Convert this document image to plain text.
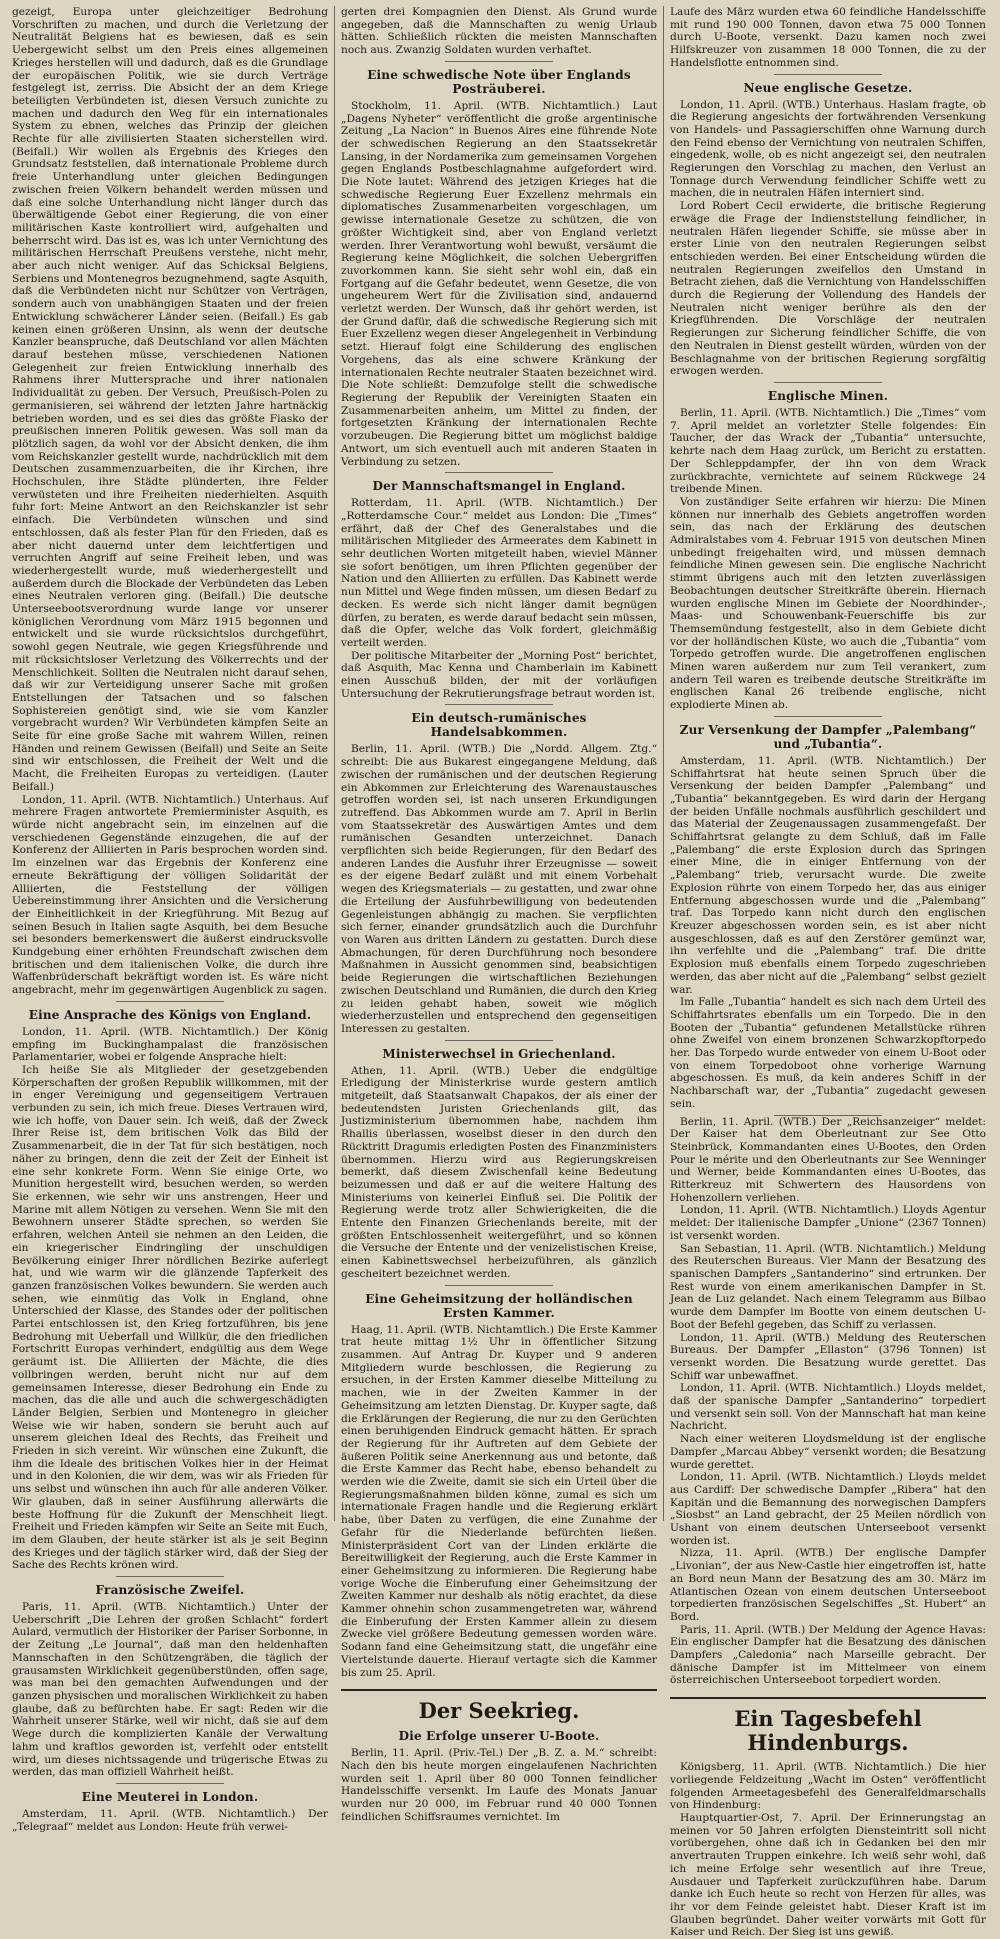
gezeigt, Europa unter gleichzeitiger Bedrohung Vorschriften zu machen, und durch die Verletzung der Neutralität Belgiens hat es bewiesen, daß es sein Uebergewicht selbst um den Preis eines allgemeinen Krieges herstellen will und dadurch, daß es die Grundlage der europäischen Politik, wie sie durch Verträge festgelegt ist, zerriss. Die Absicht der an dem Kriege beteiligten Verbündeten ist, diesen Versuch zunichte zu machen und dadurch den Weg für ein internationales System zu ebnen, welches das Prinzip der gleichen Rechte für alle zivilisierten Staaten sicherstellen wird. (Beifall.) Wir wollen als Ergebnis des Krieges den Grundsatz feststellen, daß internationale Probleme durch freie Unterhandlung unter gleichen Bedingungen zwischen freien Völkern behandelt werden müssen und daß eine solche Unterhandlung nicht länger durch das überwältigende Gebot einer Regierung, die von einer militärischen Kaste kontrolliert wird, aufgehalten und beherrscht wird. Das ist es, was ich unter Vernichtung des militärischen Herrschaft Preußens verstehe, nicht mehr, aber auch nicht weniger. Auf das Schicksal Belgiens, Serbiens und Montenegros bezugnehmend, sagte Asquith, daß die Verbündeten nicht nur Schützer von Verträgen, sondern auch von unabhängigen Staaten und der freien Entwicklung schwächerer Länder seien. (Beifall.) Es gab keinen einen größeren Unsinn, als wenn der deutsche Kanzler beanspruche, daß Deutschland vor allen Mächten darauf bestehen müsse, verschiedenen Nationen Gelegenheit zur freien Entwicklung innerhalb des Rahmens ihrer Muttersprache und ihrer nationalen Individualität zu geben. Der Versuch, Preußisch-Polen zu germanisieren, sei während der letzten Jahre hartnäckig betrieben worden, und es sei dies das größte Fiasko der preußischen inneren Politik gewesen. Was soll man da plötzlich sagen, da wohl vor der Absicht denken, die ihm vom Reichskanzler gestellt wurde, nachdrücklich mit dem Deutschen zusammenzuarbeiten, die ihr Kirchen, ihre Hochschulen, ihre Städte plünderten, ihre Felder verwüsteten und ihre Freiheiten niederhielten. Asquith fuhr fort: Meine Antwort an den Reichskanzler ist sehr einfach. Die Verbündeten wünschen und sind entschlossen, daß als fester Plan für den Frieden, daß es aber nicht dauernd unter dem leichtfertigen und verruchten Angriff auf seine Freiheit leben, und was wiederhergestellt wurde, muß wiederhergestellt und außerdem durch die Blockade der Verbündeten das Leben eines Neutralen verloren ging. (Beifall.) Die deutsche Unterseebootsverordnung wurde lange vor unserer königlichen Verordnung vom März 1915 begonnen und entwickelt und sie wurde rücksichtslos durchgeführt, sowohl gegen Neutrale, wie gegen Kriegsführende und mit rücksichtsloser Verletzung des Völkerrechts und der Menschlichkeit. Sollten die Neutralen nicht darauf sehen, daß wir zur Verteidigung unserer Sache mit großen Entstellungen der Tatsachen und so falschen Sophistereien genötigt sind, wie sie vom Kanzler vorgebracht wurden? Wir Verbündeten kämpfen Seite an Seite für eine große Sache mit wahrem Willen, reinen Händen und reinem Gewissen (Beifall) und Seite an Seite sind wir entschlossen, die Freiheit der Welt und die Macht, die Freiheiten Europas zu verteidigen. (Lauter Beifall.)

London, 11. April. (WTB. Nichtamtlich.) Unterhaus. Auf mehrere Fragen antwortete Premierminister Asquith, es würde nicht angebracht sein, im einzelnen auf die verschiedenen Gegenstände einzugehen, die auf der Konferenz der Alliierten in Paris besprochen worden sind. Im einzelnen war das Ergebnis der Konferenz eine erneute Bekräftigung der völligen Solidarität der Alliierten, die Feststellung der völligen Uebereinstimmung ihrer Ansichten und die Versicherung der Einheitlichkeit in der Kriegführung. Mit Bezug auf seinen Besuch in Italien sagte Asquith, bei dem Besuche sei besonders bemerkenswert die äußerst eindrucksvolle Kundgebung einer erhöhten Freundschaft zwischen dem britischen und dem italienischen Volke, die durch ihre Waffenbrüderschaft bekräftigt worden ist. Es wäre nicht angebracht, mehr im gegenwärtigen Augenblick zu sagen.

Eine Ansprache des Königs von England.

London, 11. April. (WTB. Nichtamtlich.) Der König empfing im Buckinghampalast die französischen Parlamentarier, wobei er folgende Ansprache hielt:

Ich heiße Sie als Mitglieder der gesetzgebenden Körperschaften der großen Republik willkommen, mit der in enger Vereinigung und gegenseitigem Vertrauen verbunden zu sein, ich mich freue. Dieses Vertrauen wird, wie ich hoffe, von Dauer sein. Ich weiß, daß der Zweck Ihrer Reise ist, dem britischen Volk das Bild der Zusammenarbeit, die in der Tat für sich bestätigen, noch näher zu bringen, denn die zeit der Zeit der Einheit ist eine sehr konkrete Form. Wenn Sie einige Orte, wo Munition hergestellt wird, besuchen werden, so werden Sie erkennen, wie sehr wir uns anstrengen, Heer und Marine mit allem Nötigen zu versehen. Wenn Sie mit den Bewohnern unserer Städte sprechen, so werden Sie erfahren, welchen Anteil sie nehmen an den Leiden, die ein kriegerischer Eindringling der unschuldigen Bevölkerung einiger Ihrer nördlichen Bezirke auferlegt hat, und wie warm wir die glänzende Tapferkeit des ganzen französischen Volkes bewundern. Sie werden auch sehen, wie einmütig das Volk in England, ohne Unterschied der Klasse, des Standes oder der politischen Partei entschlossen ist, den Krieg fortzuführen, bis jene Bedrohung mit Ueberfall und Willkür, die den friedlichen Fortschritt Europas verhindert, endgültig aus dem Wege geräumt ist. Die Alliierten der Mächte, die dies vollbringen werden, beruht nicht nur auf dem gemeinsamen Interesse, dieser Bedrohung ein Ende zu machen, das die alle und auch die schwergeschädigten Länder Belgien, Serbien und Montenegro in gleicher Weise wie wir haben, sondern sie beruht auch auf unserem gleichen Ideal des Rechts, das Freiheit und Frieden in sich vereint. Wir wünschen eine Zukunft, die ihm die Ideale des britischen Volkes hier in der Heimat und in den Kolonien, die wir dem, was wir als Frieden für uns selbst und wünschen ihn auch für alle anderen Völker. Wir glauben, daß in seiner Ausführung allerwärts die beste Hoffnung für die Zukunft der Menschheit liegt. Freiheit und Frieden kämpfen wir Seite an Seite mit Euch, im dem Glauben, der heute stärker ist als je seit Beginn des Krieges und der täglich stärker wird, daß der Sieg der Sache des Rechts krönen wird.

Französische Zweifel.

Paris, 11. April. (WTB. Nichtamtlich.) Unter der Ueberschrift „Die Lehren der großen Schlacht“ fordert Aulard, vermutlich der Historiker der Pariser Sorbonne, in der Zeitung „Le Journal“, daß man den heldenhaften Mannschaften in den Schützengräben, die täglich der grausamsten Wirklichkeit gegenüberstünden, offen sage, was man bei den gemachten Aufwendungen und der ganzen physischen und moralischen Wirklichkeit zu haben glaube, daß zu befürchten habe. Er sagt: Reden wir die Wahrheit unserer Stärke, weil wir nicht, daß sie auf dem Wege durch die komplizierten Kanäle der Verwaltung lahm und kraftlos geworden ist, verfehlt oder entstellt wird, um dieses nichtssagende und trügerische Etwas zu werden, das man offiziell Wahrheit heißt.

Eine Meuterei in London.

Amsterdam, 11. April. (WTB. Nichtamtlich.) Der „Telegraaf“ meldet aus London: Heute früh verwei-

gerten drei Kompagnien den Dienst. Als Grund wurde angegeben, daß die Mannschaften zu wenig Urlaub hätten. Schließlich rückten die meisten Mannschaften noch aus. Zwanzig Soldaten wurden verhaftet.

Eine schwedische Note über Englands Posträuberei.

Stockholm, 11. April. (WTB. Nichtamtlich.) Laut „Dagens Nyheter“ veröffentlicht die große argentinische Zeitung „La Nacion“ in Buenos Aires eine führende Note der schwedischen Regierung an den Staatssekretär Lansing, in der Nordamerika zum gemeinsamen Vorgehen gegen Englands Postbeschlagnahme aufgefordert wird. Die Note lautet: Während des jetzigen Krieges hat die schwedische Regierung Euer Exzellenz mehrmals ein diplomatisches Zusammenarbeiten vorgeschlagen, um gewisse internationale Gesetze zu schützen, die von größter Wichtigkeit sind, aber von England verletzt werden. Ihrer Verantwortung wohl bewußt, versäumt die Regierung keine Möglichkeit, die solchen Uebergriffen zuvorkommen kann. Sie sieht sehr wohl ein, daß ein Fortgang auf die Gefahr bedeutet, wenn Gesetze, die von ungeheurem Wert für die Zivilisation sind, andauernd verletzt werden. Der Wunsch, daß ihr gehört werden, ist der Grund dafür, daß die schwedische Regierung sich mit Euer Exzellenz wegen dieser Angelegenheit in Verbindung setzt. Hierauf folgt eine Schilderung des englischen Vorgehens, das als eine schwere Kränkung der internationalen Rechte neutraler Staaten bezeichnet wird. Die Note schließt: Demzufolge stellt die schwedische Regierung der Republik der Vereinigten Staaten ein Zusammenarbeiten anheim, um Mittel zu finden, der fortgesetzten Kränkung der internationalen Rechte vorzubeugen. Die Regierung bittet um möglichst baldige Antwort, um sich eventuell auch mit anderen Staaten in Verbindung zu setzen.

Der Mannschaftsmangel in England.

Rotterdam, 11. April. (WTB. Nichtamtlich.) Der „Rotterdamsche Cour.“ meldet aus London: Die „Times“ erfährt, daß der Chef des Generalstabes und die militärischen Mitglieder des Armeerates dem Kabinett in sehr deutlichen Worten mitgeteilt haben, wieviel Männer sie sofort benötigen, um ihren Pflichten gegenüber der Nation und den Alliierten zu erfüllen. Das Kabinett werde nun Mittel und Wege finden müssen, um diesen Bedarf zu decken. Es werde sich nicht länger damit begnügen dürfen, zu beraten, es werde darauf bedacht sein müssen, daß die Opfer, welche das Volk fordert, gleichmäßig verteilt werden.

Der politische Mitarbeiter der „Morning Post“ berichtet, daß Asquith, Mac Kenna und Chamberlain im Kabinett einen Ausschuß bilden, der mit der vorläufigen Untersuchung der Rekrutierungsfrage betraut worden ist.

Ein deutsch-rumänisches Handelsabkommen.

Berlin, 11. April. (WTB.) Die „Nordd. Allgem. Ztg.“ schreibt: Die aus Bukarest eingegangene Meldung, daß zwischen der rumänischen und der deutschen Regierung ein Abkommen zur Erleichterung des Warenaustausches getroffen worden sei, ist nach unseren Erkundigungen zutreffend. Das Abkommen wurde am 7. April in Berlin vom Staatssekretär des Auswärtigen Amtes und dem rumänischen Gesandten unterzeichnet. Danach verpflichten sich beide Regierungen, für den Bedarf des anderen Landes die Ausfuhr ihrer Erzeugnisse — soweit es der eigene Bedarf zuläßt und mit einem Vorbehalt wegen des Kriegsmaterials — zu gestatten, und zwar ohne die Erteilung der Ausfuhrbewilligung von bedeutenden Gegenleistungen abhängig zu machen. Sie verpflichten sich ferner, einander grundsätzlich auch die Durchfuhr von Waren aus dritten Ländern zu gestatten. Durch diese Abmachungen, für deren Durchführung noch besondere Maßnahmen in Aussicht genommen sind, beabsichtigen beide Regierungen die wirtschaftlichen Beziehungen zwischen Deutschland und Rumänien, die durch den Krieg zu leiden gehabt haben, soweit wie möglich wiederherzustellen und entsprechend den gegenseitigen Interessen zu gestalten.

Ministerwechsel in Griechenland.

Athen, 11. April. (WTB.) Ueber die endgültige Erledigung der Ministerkrise wurde gestern amtlich mitgeteilt, daß Staatsanwalt Chapakos, der als einer der bedeutendsten Juristen Griechenlands gilt, das Justizministerium übernommen habe, nachdem ihm Rhallis überlassen, woselbst dieser in den durch den Rücktritt Dragumis erledigten Posten des Finanzministers übernommen. Hierzu wird aus Regierungskreisen bemerkt, daß diesem Zwischenfall keine Bedeutung beizumessen und daß er auf die weitere Haltung des Ministeriums von keinerlei Einfluß sei. Die Politik der Regierung werde trotz aller Schwierigkeiten, die die Entente den Finanzen Griechenlands bereite, mit der größten Entschlossenheit weitergeführt, und so können die Versuche der Entente und der venizelistischen Kreise, einen Kabinettswechsel herbeizuführen, als gänzlich gescheitert bezeichnet werden.

Eine Geheimsitzung der holländischen Ersten Kammer.

Haag, 11. April. (WTB. Nichtamtlich.) Die Erste Kammer trat heute mittag 1½ Uhr in öffentlicher Sitzung zusammen. Auf Antrag Dr. Kuyper und 9 anderen Mitgliedern wurde beschlossen, die Regierung zu ersuchen, in der Ersten Kammer dieselbe Mitteilung zu machen, wie in der Zweiten Kammer in der Geheimsitzung am letzten Dienstag. Dr. Kuyper sagte, daß die Erklärungen der Regierung, die nur zu den Gerüchten einen beruhigenden Eindruck gemacht hätten. Er sprach der Regierung für ihr Auftreten auf dem Gebiete der äußeren Politik seine Anerkennung aus und betonte, daß die Erste Kammer das Recht habe, ebenso behandelt zu werden wie die Zweite, damit sie sich ein Urteil über die Regierungsmaßnahmen bilden könne, zumal es sich um internationale Fragen handle und die Regierung erklärt habe, über Daten zu verfügen, die eine Zunahme der Gefahr für die Niederlande befürchten ließen. Ministerpräsident Cort van der Linden erklärte die Bereitwilligkeit der Regierung, auch die Erste Kammer in einer Geheimsitzung zu informieren. Die Regierung habe vorige Woche die Einberufung einer Geheimsitzung der Zweiten Kammer nur deshalb als nötig erachtet, da diese Kammer ohnehin schon zusammengetreten war, während die Einberufung der Ersten Kammer allein zu diesem Zwecke viel größere Bedeutung gemessen worden wäre. Sodann fand eine Geheimsitzung statt, die ungefähr eine Viertelstunde dauerte. Hierauf vertagte sich die Kammer bis zum 25. April.

Der Seekrieg.
Die Erfolge unserer U-Boote.

Berlin, 11. April. (Priv.-Tel.) Der „B. Z. a. M.“ schreibt: Nach den bis heute morgen eingelaufenen Nachrichten wurden seit 1. April über 80 000 Tonnen feindlicher Handelsschiffe versenkt. Im Laufe des Monats Januar wurden nur 20 000, im Februar rund 40 000 Tonnen feindlichen Schiffsraumes vernichtet. Im

Laufe des März wurden etwa 60 feindliche Handelsschiffe mit rund 190 000 Tonnen, davon etwa 75 000 Tonnen durch U-Boote, versenkt. Dazu kamen noch zwei Hilfskreuzer von zusammen 18 000 Tonnen, die zu der Handelsflotte entnommen sind.

Neue englische Gesetze.

London, 11. April. (WTB.) Unterhaus. Haslam fragte, ob die Regierung angesichts der fortwährenden Versenkung von Handels- und Passagierschiffen ohne Warnung durch den Feind ebenso der Vernichtung von neutralen Schiffen, eingedenk, wolle, ob es nicht angezeigt sei, den neutralen Regierungen den Vorschlag zu machen, den Verlust an Tonnage durch Verwendung feindlicher Schiffe wett zu machen, die in neutralen Häfen interniert sind.

Lord Robert Cecil erwiderte, die britische Regierung erwäge die Frage der Indienststellung feindlicher, in neutralen Häfen liegender Schiffe, sie müsse aber in erster Linie von den neutralen Regierungen selbst entschieden werden. Bei einer Entscheidung würden die neutralen Regierungen zweifellos den Umstand in Betracht ziehen, daß die Vernichtung von Handelsschiffen durch die Regierung der Vollendung des Handels der Neutralen nicht weniger berühre als den der Kriegführenden. Die Vorschläge der neutralen Regierungen zur Sicherung feindlicher Schiffe, die von den Neutralen in Dienst gestellt würden, würden von der Beschlagnahme von der britischen Regierung sorgfältig erwogen werden.

Englische Minen.

Berlin, 11. April. (WTB. Nichtamtlich.) Die „Times“ vom 7. April meldet an vorletzter Stelle folgendes: Ein Taucher, der das Wrack der „Tubantia“ untersuchte, kehrte nach dem Haag zurück, um Bericht zu erstatten. Der Schleppdampfer, der ihn von dem Wrack zurückbrachte, vernichtete auf seinem Rückwege 24 treibende Minen.

Von zuständiger Seite erfahren wir hierzu: Die Minen können nur innerhalb des Gebiets angetroffen worden sein, das nach der Erklärung des deutschen Admiralstabes vom 4. Februar 1915 von deutschen Minen unbedingt freigehalten wird, und müssen demnach feindliche Minen gewesen sein. Die englische Nachricht stimmt übrigens auch mit den letzten zuverlässigen Beobachtungen deutscher Streitkräfte überein. Hiernach wurden englische Minen im Gebiete der Noordhinder-, Maas- und Schouwenbank-Feuerschiffe bis zur Themsemündung festgestellt, also in dem Gebiete dicht vor der holländischen Küste, wo auch die „Tubantia“ vom Torpedo getroffen wurde. Die angetroffenen englischen Minen waren außerdem nur zum Teil verankert, zum andern Teil waren es treibende deutsche Streitkräfte im englischen Kanal 26 treibende englische, nicht explodierte Minen ab.

Zur Versenkung der Dampfer „Palembang“ und „Tubantia“.

Amsterdam, 11. April. (WTB. Nichtamtlich.) Der Schiffahrtsrat hat heute seinen Spruch über die Versenkung der beiden Dampfer „Palembang“ und „Tubantia“ bekanntgegeben. Es wird darin der Hergang der beiden Unfälle nochmals ausführlich geschildert und das Material der Zeugenaussagen zusammengefaßt. Der Schiffahrtsrat gelangte zu dem Schluß, daß im Falle „Palembang“ die erste Explosion durch das Springen einer Mine, die in einiger Entfernung von der „Palembang“ trieb, verursacht wurde. Die zweite Explosion rührte von einem Torpedo her, das aus einiger Entfernung abgeschossen wurde und die „Palembang“ traf. Das Torpedo kann nicht durch den englischen Kreuzer abgeschossen worden sein, es ist aber nicht ausgeschlossen, daß es auf den Zerstörer gemünzt war, ihn verfehlte und die „Palembang“ traf. Die dritte Explosion muß ebenfalls einem Torpedo zugeschrieben werden, das aber nicht auf die „Palembang“ selbst gezielt war.

Im Falle „Tubantia“ handelt es sich nach dem Urteil des Schiffahrtsrates ebenfalls um ein Torpedo. Die in den Booten der „Tubantia“ gefundenen Metallstücke rühren ohne Zweifel von einem bronzenen Schwarzkopftorpedo her. Das Torpedo wurde entweder von einem U-Boot oder von einem Torpedoboot ohne vorherige Warnung abgeschossen. Es muß, da kein anderes Schiff in der Nachbarschaft war, der „Tubantia“ zugedacht gewesen sein.

Berlin, 11. April. (WTB.) Der „Reichsanzeiger“ meldet: Der Kaiser hat dem Oberleutnant zur See Otto Steinbrück, Kommandanten eines U-Bootes, den Orden Pour le mérite und den Oberleutnants zur See Wenninger und Werner, beide Kommandanten eines U-Bootes, das Ritterkreuz mit Schwertern des Hausordens von Hohenzollern verliehen.

London, 11. April. (WTB. Nichtamtlich.) Lloyds Agentur meldet: Der italienische Dampfer „Unione“ (2367 Tonnen) ist versenkt worden.

San Sebastian, 11. April. (WTB. Nichtamtlich.) Meldung des Reuterschen Bureaus. Vier Mann der Besatzung des spanischen Dampfers „Santanderino“ sind ertrunken. Der Rest wurde von einem amerikanischen Dampfer in St. Jean de Luz gelandet. Nach einem Telegramm aus Bilbao wurde dem Dampfer im Bootte von einem deutschen U-Boot der Befehl gegeben, das Schiff zu verlassen.

London, 11. April. (WTB.) Meldung des Reuterschen Bureaus. Der Dampfer „Ellaston“ (3796 Tonnen) ist versenkt worden. Die Besatzung wurde gerettet. Das Schiff war unbewaffnet.

London, 11. April. (WTB. Nichtamtlich.) Lloyds meldet, daß der spanische Dampfer „Santanderino“ torpediert und versenkt sein soll. Von der Mannschaft hat man keine Nachricht.

Nach einer weiteren Lloydsmeldung ist der englische Dampfer „Marcau Abbey“ versenkt worden; die Besatzung wurde gerettet.

London, 11. April. (WTB. Nichtamtlich.) Lloyds meldet aus Cardiff: Der schwedische Dampfer „Ribera“ hat den Kapitän und die Bemannung des norwegischen Dampfers „Siosbst“ an Land gebracht, der 25 Meilen nördlich von Ushant von einem deutschen Unterseeboot versenkt worden ist.

Nizza, 11. April. (WTB.) Der englische Dampfer „Livonian“, der aus New-Castle hier eingetroffen ist, hatte an Bord neun Mann der Besatzung des am 30. März im Atlantischen Ozean von einem deutschen Unterseeboot torpedierten französischen Segelschiffes „St. Hubert“ an Bord.

Paris, 11. April. (WTB.) Der Meldung der Agence Havas: Ein englischer Dampfer hat die Besatzung des dänischen Dampfers „Caledonia“ nach Marseille gebracht. Der dänische Dampfer ist im Mittelmeer von einem österreichischen Unterseeboot torpediert worden.

Ein Tagesbefehl Hindenburgs.

Königsberg, 11. April. (WTB. Nichtamtlich.) Die hier vorliegende Feldzeitung „Wacht im Osten“ veröffentlicht folgenden Armeetagesbefehl des Generalfeldmarschalls von Hindenburg:

Hauptquartier-Ost, 7. April. Der Erinnerungstag an meinen vor 50 Jahren erfolgten Diensteintritt soll nicht vorübergehen, ohne daß ich in Gedanken bei den mir anvertrauten Truppen einkehre. Ich weiß sehr wohl, daß ich meine Erfolge sehr wesentlich auf ihre Treue, Ausdauer und Tapferkeit zurückzuführen habe. Darum danke ich Euch heute so recht von Herzen für alles, was ihr vor dem Feinde geleistet habt. Dieser Kraft ist im Glauben begründet. Daher weiter vorwärts mit Gott für Kaiser und Reich. Der Sieg ist uns gewiß.
